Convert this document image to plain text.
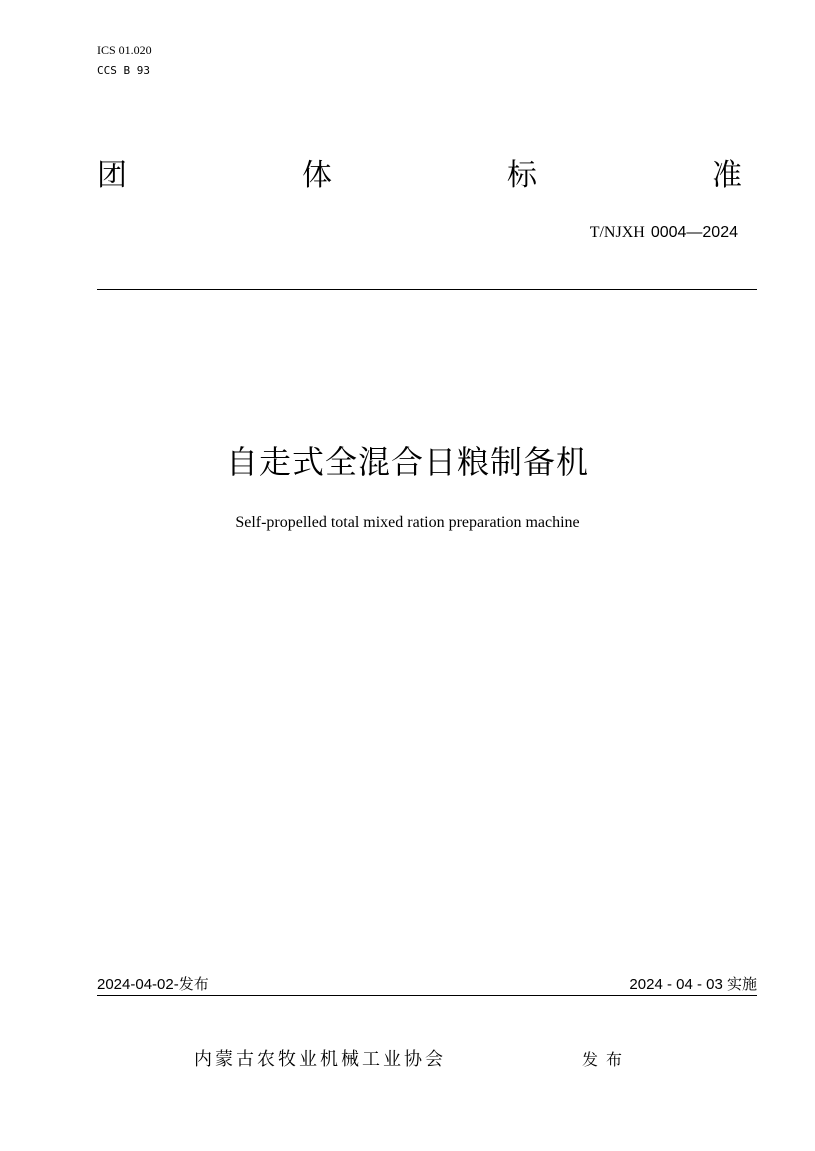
ICS 01.020
CCS B 93
团	体	标	准
T/NJXH 0004—2024
自走式全混合日粮制备机
Self-propelled total mixed ration preparation machine
2024-04-02-发布	2024 - 04 - 03 实施
内蒙古农牧业机械工业协会	发布
